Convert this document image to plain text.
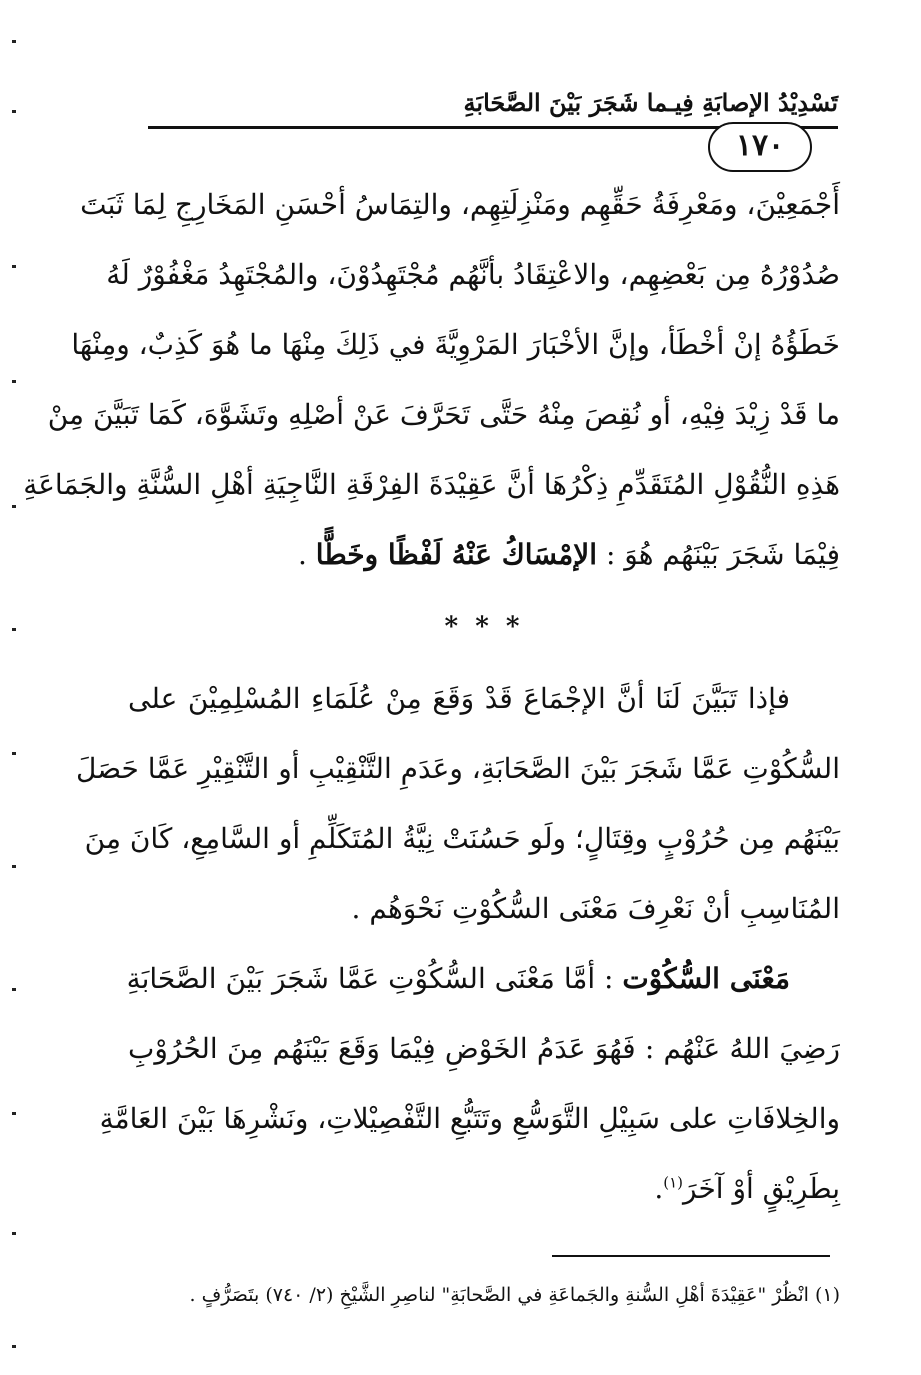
تَسْدِيْدُ الإصابَةِ فِيـما شَجَرَ بَيْنَ الصَّحَابَةِ
١٧٠
أَجْمَعِيْنَ، ومَعْرِفَةُ حَقِّهِم ومَنْزِلَتِهِم، والتِمَاسُ أحْسَنِ المَخَارِجِ لِمَا ثَبَتَ
صُدُوْرُهُ مِن بَعْضِهِم، والاعْتِقَادُ بأنَّهُم مُجْتَهِدُوْنَ، والمُجْتَهِدُ مَغْفُوْرٌ لَهُ
خَطَؤُهُ إنْ أخْطَأ، وإنَّ الأخْبَارَ المَرْوِيَّةَ في ذَلِكَ مِنْهَا ما هُوَ كَذِبٌ، ومِنْهَا
ما قَدْ زِيْدَ فِيْهِ، أو نُقِصَ مِنْهُ حَتَّى تَحَرَّفَ عَنْ أصْلِهِ وتَشَوَّهَ، كَمَا تَبَيَّنَ مِنْ
هَذِهِ النُّقُوْلِ المُتَقَدِّمِ ذِكْرُهَا أنَّ عَقِيْدَةَ الفِرْقَةِ النَّاجِيَةِ أهْلِ السُّنَّةِ والجَمَاعَةِ
فِيْمَا شَجَرَ بَيْنَهُم هُوَ : الإمْسَاكُ عَنْهُ لَفْظًا وخَطًّا .
* * *
فإذا تَبَيَّنَ لَنَا أنَّ الإجْمَاعَ قَدْ وَقَعَ مِنْ عُلَمَاءِ المُسْلِمِيْنَ على
السُّكُوْتِ عَمَّا شَجَرَ بَيْنَ الصَّحَابَةِ، وعَدَمِ التَّنْقِيْبِ أو التَّنْقِيْرِ عَمَّا حَصَلَ
بَيْنَهُم مِن حُرُوْبٍ وقِتَالٍ؛ ولَو حَسُنَتْ نِيَّةُ المُتَكَلِّمِ أو السَّامِعِ، كَانَ مِنَ
المُنَاسِبِ أنْ نَعْرِفَ مَعْنَى السُّكُوْتِ نَحْوَهُم .
مَعْنَى السُّكُوْت : أمَّا مَعْنَى السُّكُوْتِ عَمَّا شَجَرَ بَيْنَ الصَّحَابَةِ
رَضِيَ اللهُ عَنْهُم : فَهُوَ عَدَمُ الخَوْضِ فِيْمَا وَقَعَ بَيْنَهُم مِنَ الحُرُوْبِ
والخِلافَاتِ على سَبِيْلِ التَّوَسُّعِ وتَتَبُّعِ التَّفْصِيْلاتِ، ونَشْرِهَا بَيْنَ العَامَّةِ
بِطَرِيْقٍ أوْ آخَرَ$^{(١)}$.
(١) انْظُرْ "عَقِيْدَةَ أهْلِ السُّنةِ والجَماعَةِ في الصَّحابَةِ" لناصِرِ الشَّيْخِ (٢/ ٧٤٠) بتَصَرُّفٍ .
